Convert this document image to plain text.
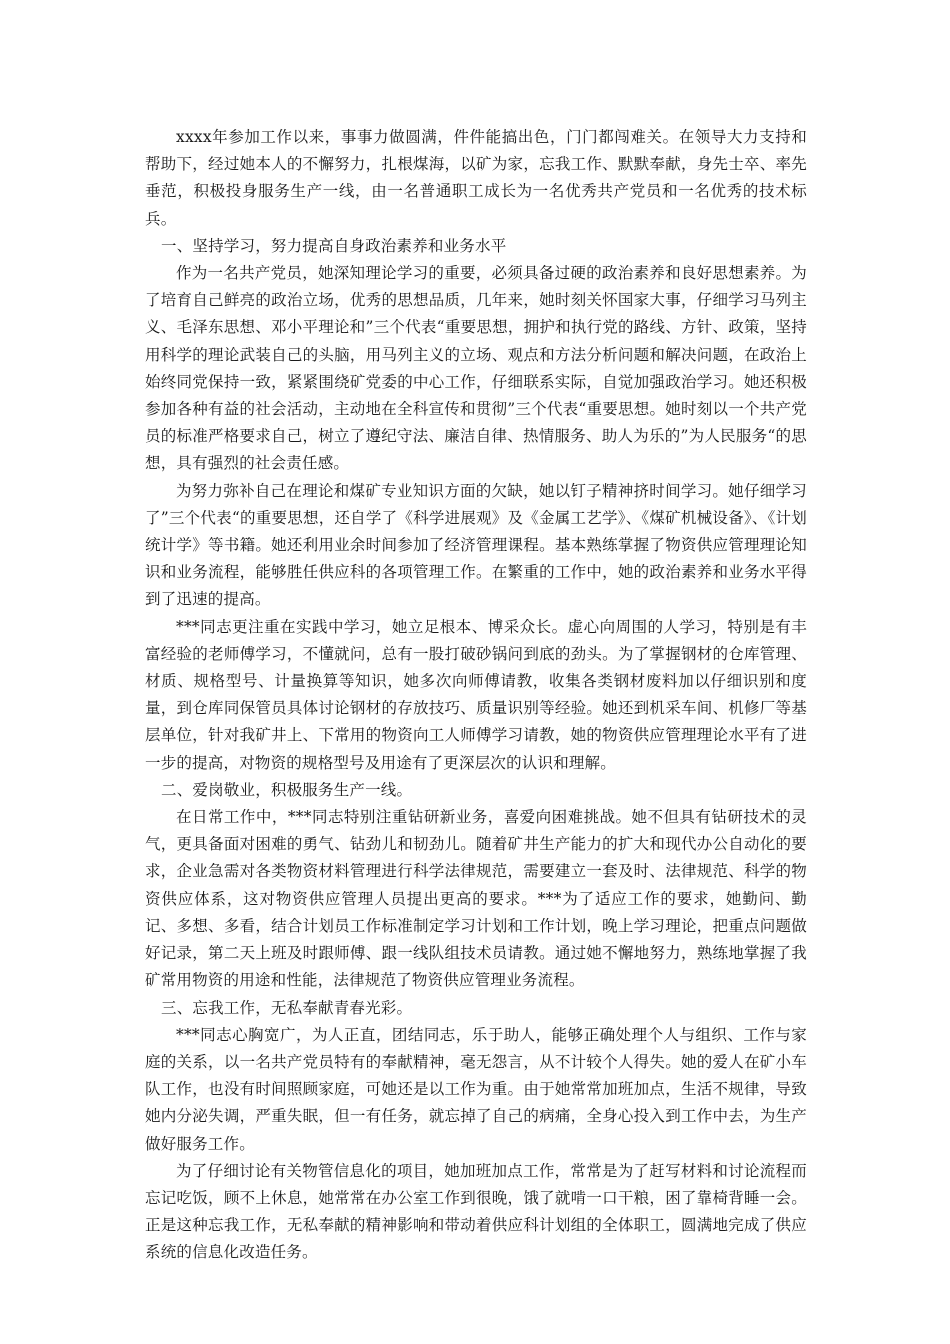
xxxx年参加工作以来，事事力做圆满，件件能搞出色，门门都闯难关。在领导大力支持和帮助下，经过她本人的不懈努力，扎根煤海，以矿为家，忘我工作、默默奉献，身先士卒、率先垂范，积极投身服务生产一线，由一名普通职工成长为一名优秀共产党员和一名优秀的技术标兵。

一、坚持学习，努力提高自身政治素养和业务水平

作为一名共产党员，她深知理论学习的重要，必须具备过硬的政治素养和良好思想素养。为了培育自己鲜亮的政治立场，优秀的思想品质，几年来，她时刻关怀国家大事，仔细学习马列主义、毛泽东思想、邓小平理论和”三个代表“重要思想，拥护和执行党的路线、方针、政策，坚持用科学的理论武装自己的头脑，用马列主义的立场、观点和方法分析问题和解决问题，在政治上始终同党保持一致，紧紧围绕矿党委的中心工作，仔细联系实际，自觉加强政治学习。她还积极参加各种有益的社会活动，主动地在全科宣传和贯彻”三个代表“重要思想。她时刻以一个共产党员的标准严格要求自己，树立了遵纪守法、廉洁自律、热情服务、助人为乐的”为人民服务“的思想，具有强烈的社会责任感。

为努力弥补自己在理论和煤矿专业知识方面的欠缺，她以钉子精神挤时间学习。她仔细学习了”三个代表“的重要思想，还自学了《科学进展观》及《金属工艺学》、《煤矿机械设备》、《计划统计学》等书籍。她还利用业余时间参加了经济管理课程。基本熟练掌握了物资供应管理理论知识和业务流程，能够胜任供应科的各项管理工作。在繁重的工作中，她的政治素养和业务水平得到了迅速的提高。

***同志更注重在实践中学习，她立足根本、博采众长。虚心向周围的人学习，特别是有丰富经验的老师傅学习，不懂就问，总有一股打破砂锅问到底的劲头。为了掌握钢材的仓库管理、材质、规格型号、计量换算等知识，她多次向师傅请教，收集各类钢材废料加以仔细识别和度量，到仓库同保管员具体讨论钢材的存放技巧、质量识别等经验。她还到机采车间、机修厂等基层单位，针对我矿井上、下常用的物资向工人师傅学习请教，她的物资供应管理理论水平有了进一步的提高，对物资的规格型号及用途有了更深层次的认识和理解。

二、爱岗敬业，积极服务生产一线。

在日常工作中，***同志特别注重钻研新业务，喜爱向困难挑战。她不但具有钻研技术的灵气，更具备面对困难的勇气、钻劲儿和韧劲儿。随着矿井生产能力的扩大和现代办公自动化的要求，企业急需对各类物资材料管理进行科学法律规范，需要建立一套及时、法律规范、科学的物资供应体系，这对物资供应管理人员提出更高的要求。***为了适应工作的要求，她勤问、勤记、多想、多看，结合计划员工作标准制定学习计划和工作计划，晚上学习理论，把重点问题做好记录，第二天上班及时跟师傅、跟一线队组技术员请教。通过她不懈地努力，熟练地掌握了我矿常用物资的用途和性能，法律规范了物资供应管理业务流程。

三、忘我工作，无私奉献青春光彩。

***同志心胸宽广，为人正直，团结同志，乐于助人，能够正确处理个人与组织、工作与家庭的关系，以一名共产党员特有的奉献精神，毫无怨言，从不计较个人得失。她的爱人在矿小车队工作，也没有时间照顾家庭，可她还是以工作为重。由于她常常加班加点，生活不规律，导致她内分泌失调，严重失眠，但一有任务，就忘掉了自己的病痛，全身心投入到工作中去，为生产做好服务工作。

为了仔细讨论有关物管信息化的项目，她加班加点工作，常常是为了赶写材料和讨论流程而忘记吃饭，顾不上休息，她常常在办公室工作到很晚，饿了就啃一口干粮，困了靠椅背睡一会。正是这种忘我工作，无私奉献的精神影响和带动着供应科计划组的全体职工，圆满地完成了供应系统的信息化改造任务。
